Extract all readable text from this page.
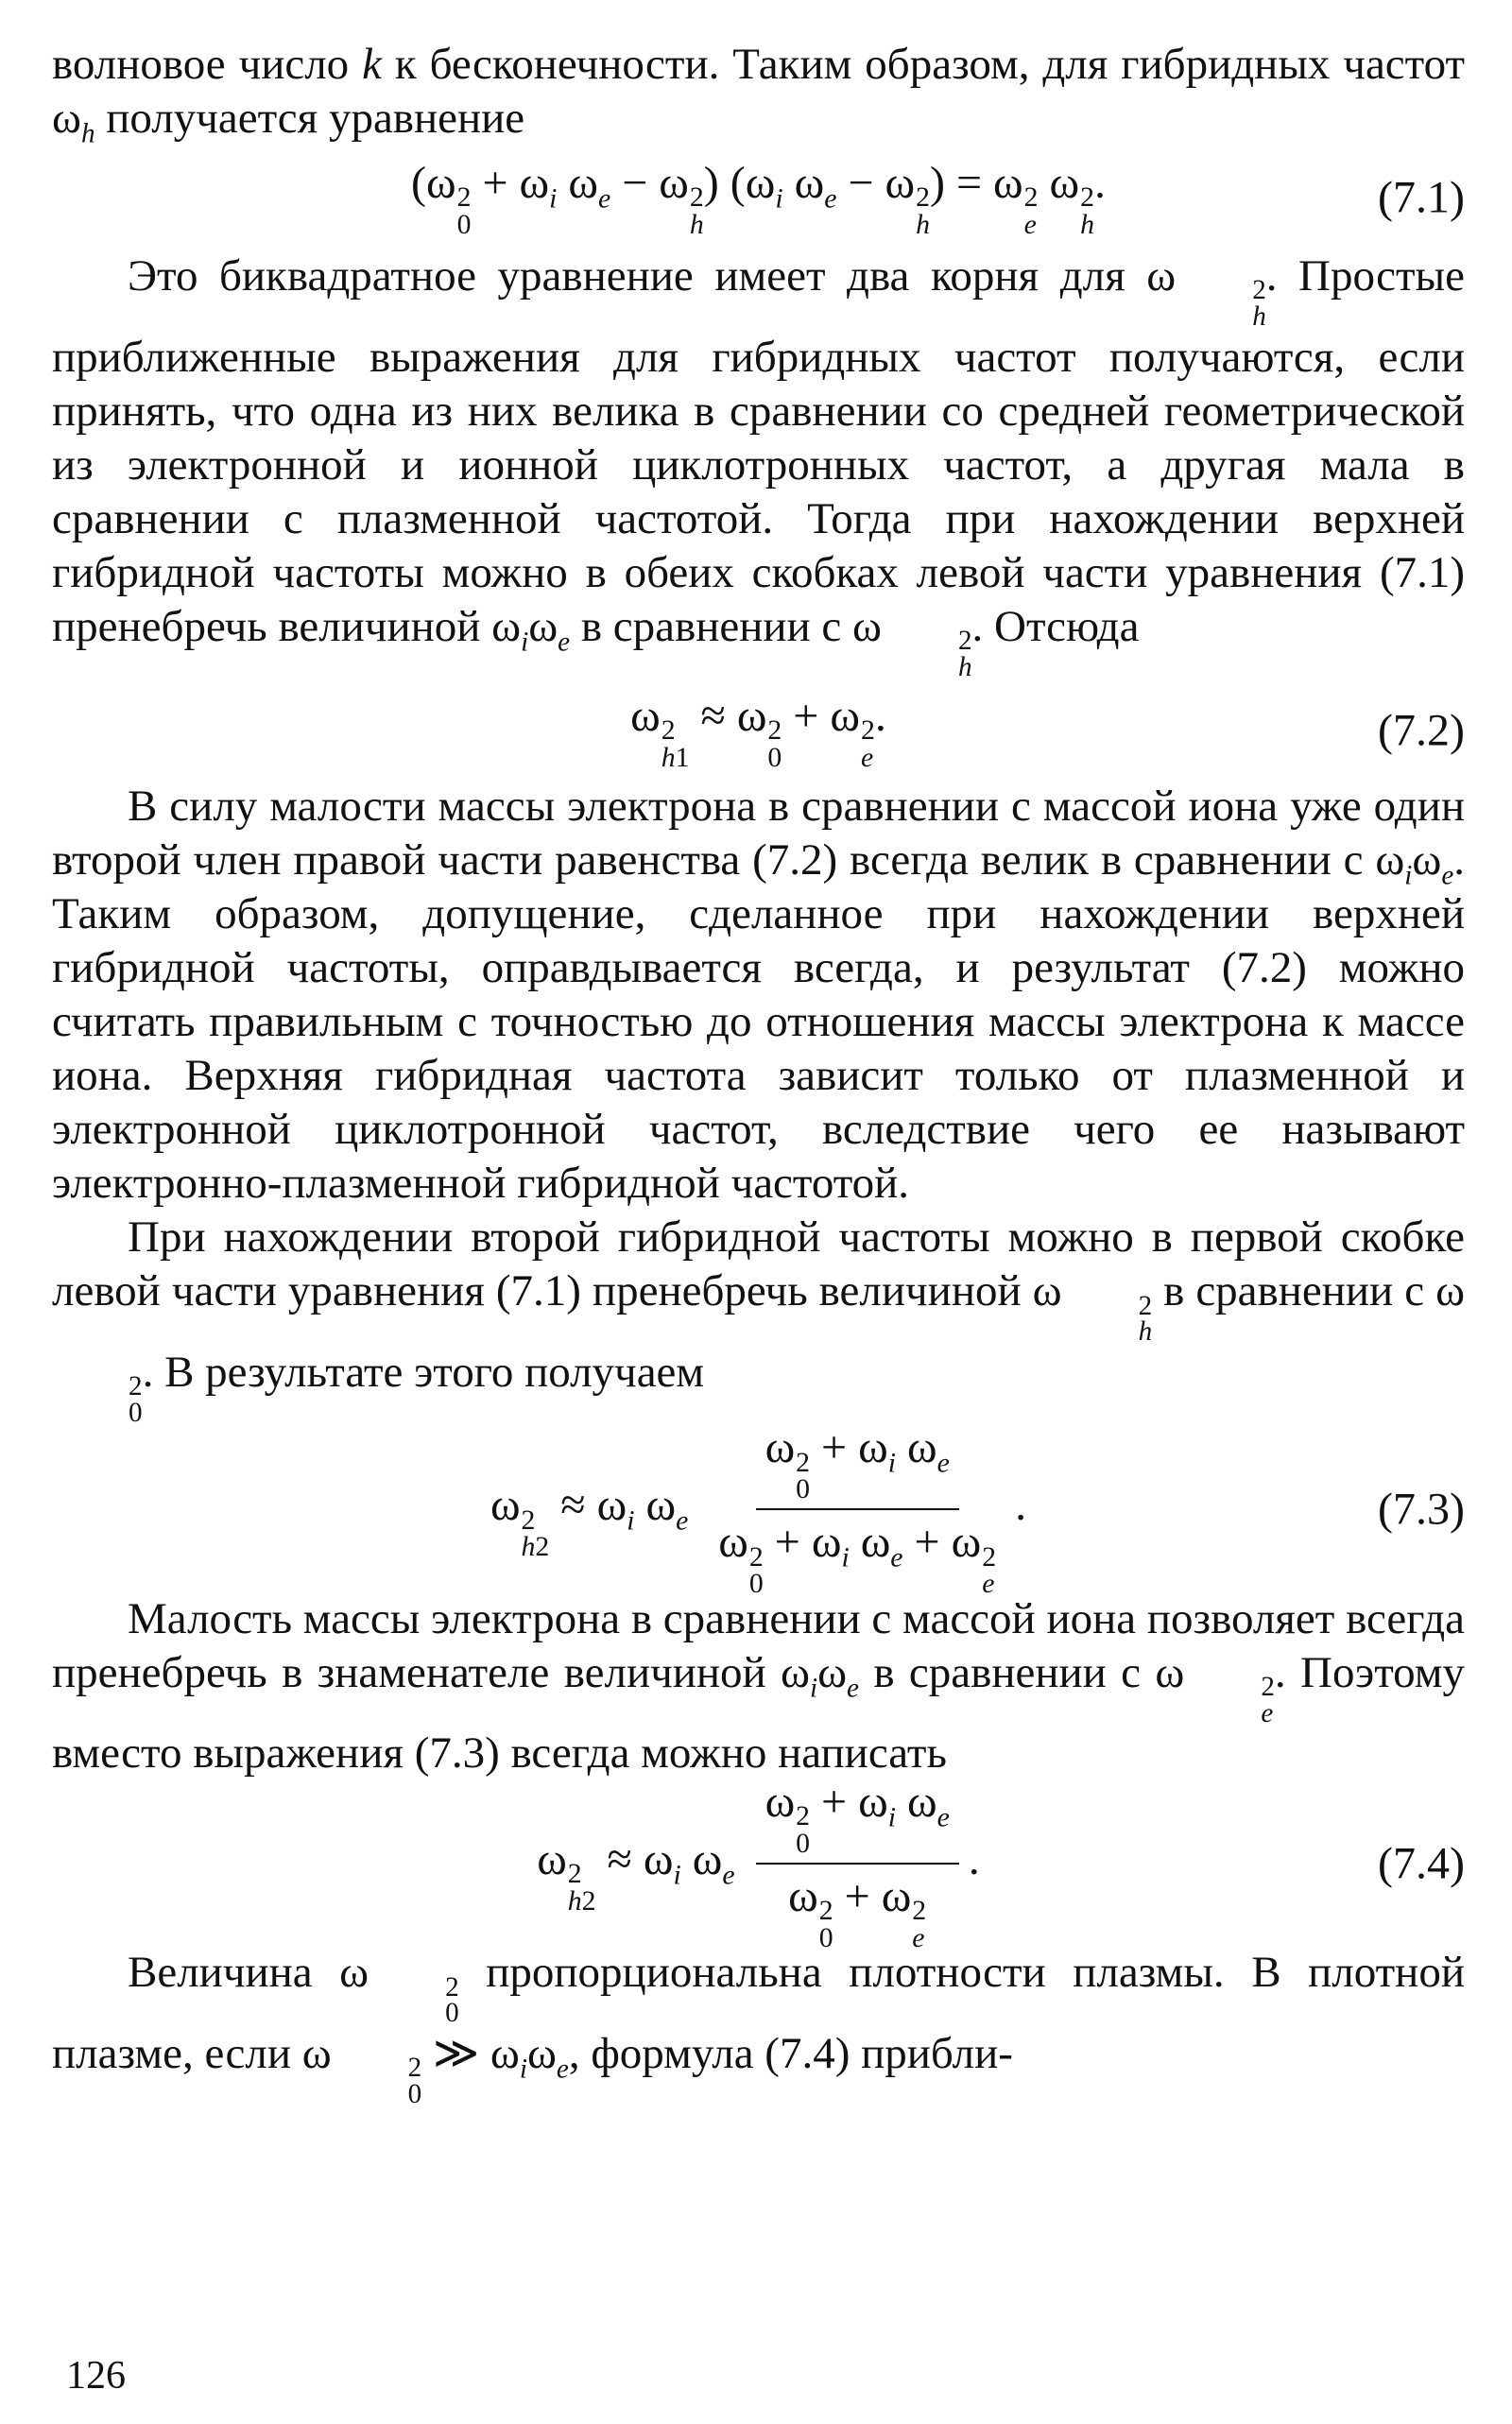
волновое число k к бесконечности. Таким образом, для гибридных частот $\omega_h$ получается уравнение

(ω 2
0
+ $\omega_i$ $\omega_e - \omega$ 2
h
) ($\omega_i$ $\omega_e - \omega$ 2
h
) = ω 2
e
ω 2
h
.	(7.1)

Это биквадратное уравнение имеет два корня для ω	2
h
. Простые приближенные выражения для гибридных частот получаются, если принять, что одна из них велика в сравнении со средней геометрической из электронной и ионной циклотронных частот, а другая мала в сравнении с плазменной частотой. Тогда при нахождении верхней гибридной частоты можно в обеих скобках левой части уравнения (7.1) пренебречь величиной $\omega_i\omega_e$ в сравнении с ω	2
h
. Отсюда

ω 2
h1
≈ ω 2
0
+ ω 2
e
.	(7.2)

В силу малости массы электрона в сравнении с массой иона уже один второй член правой части равенства (7.2) всегда велик в сравнении с $\omega_i\omega_e$. Таким образом, допущение, сделанное при нахождении верхней гибридной частоты, оправдывается всегда, и результат (7.2) можно считать правильным с точностью до отношения массы электрона к массе иона. Верхняя гибридная частота зависит только от плазменной и электронной циклотронной частот, вследствие чего ее называют электронно-плазменной гибридной частотой.

При нахождении второй гибридной частоты можно в первой скобке левой части уравнения (7.1) пренебречь величиной ω	2
h
в сравнении с ω
2
0
. В результате этого получаем

ω 2
h2
≈ $\omega_i$ $\omega_e$ ω 2
0
+ $\omega_i$ $\omega_e$
ω 2
0
+ $\omega_i$ $\omega_e + \omega$ 2
e .	(7.3)

Малость массы электрона в сравнении с массой иона позволяет всегда пренебречь в знаменателе величиной $\omega_i\omega_e$ в сравнении с ω	2
e
. Поэтому вместо выражения (7.3) всегда можно написать

ω 2
h2
≈ $\omega_i$ $\omega_e$ ω 2
0
+ $\omega_i$ $\omega_e$
ω 2
0
+ ω 2
e .	(7.4)

Величина ω	2
0
пропорциональна плотности плазмы. В плотной плазме, если ω	2
0
≫ $\omega_i\omega_e$, формула (7.4) прибли-

126
